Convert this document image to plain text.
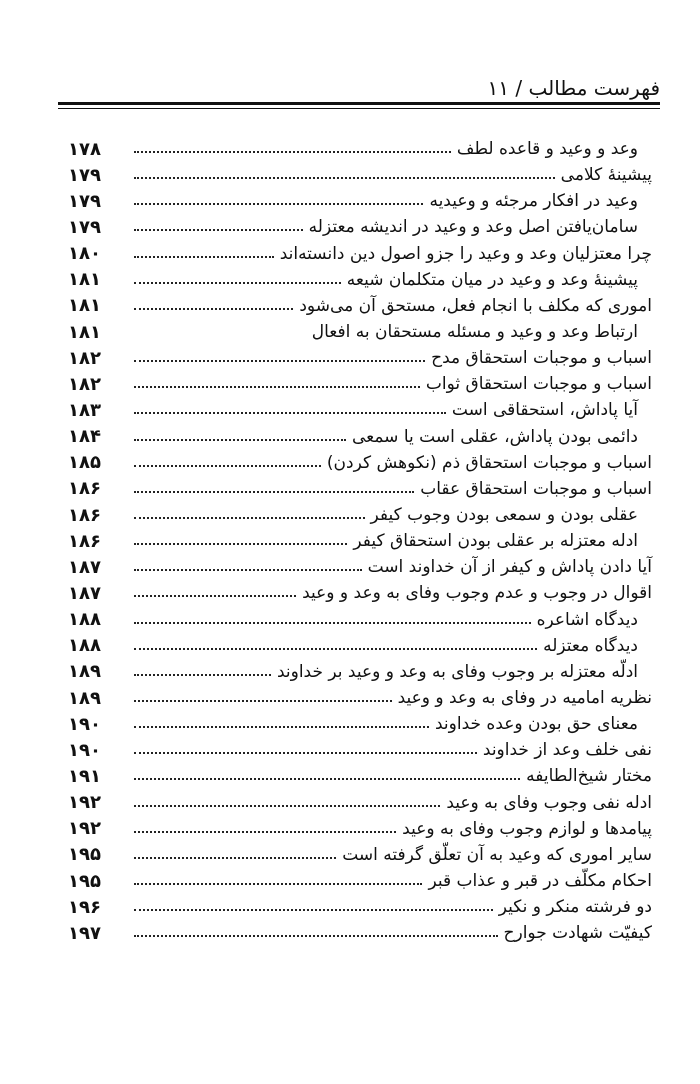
فهرست مطالب / ۱۱
۱۷۸	وعد و وعید و قاعده لطف
۱۷۹	پیشینهٔ کلامی
۱۷۹	وعید در افکار مرجئه و وعیدیه
۱۷۹	سامان‌یافتن اصل وعد و وعید در اندیشه معتزله
۱۸۰	چرا معتزلیان وعد و وعید را جزو اصول دین دانسته‌اند
۱۸۱	پیشینهٔ وعد و وعید در میان متکلمان شیعه
۱۸۱	اموری که مکلف با انجام فعل، مستحق آن می‌شود
۱۸۱	ارتباط وعد و وعید و مسئله مستحقان به افعال
۱۸۲	اسباب و موجبات استحقاق مدح
۱۸۲	اسباب و موجبات استحقاق ثواب
۱۸۳	آیا پاداش، استحقاقی است
۱۸۴	دائمی بودن پاداش، عقلی است یا سمعی
۱۸۵	اسباب و موجبات استحقاق ذم (نکوهش کردن)
۱۸۶	اسباب و موجبات استحقاق عقاب
۱۸۶	عقلی بودن و سمعی بودن وجوب کیفر
۱۸۶	ادله معتزله بر عقلی بودن استحقاق کیفر
۱۸۷	آیا دادن پاداش و کیفر از آن خداوند است
۱۸۷	اقوال در وجوب و عدم وجوب وفای به وعد و وعید
۱۸۸	دیدگاه اشاعره
۱۸۸	دیدگاه معتزله
۱۸۹	ادلّه معتزله بر وجوب وفای به وعد و وعید بر خداوند
۱۸۹	نظریه امامیه در وفای به وعد و وعید
۱۹۰	معنای حق بودن وعده خداوند
۱۹۰	نفی خلف وعد از خداوند
۱۹۱	مختار شیخ‌الطایفه
۱۹۲	ادله نفی وجوب وفای به وعید
۱۹۲	پیامدها و لوازم وجوب وفای به وعید
۱۹۵	سایر اموری که وعید به آن تعلّق گرفته است
۱۹۵	احکام مکلّف در قبر و عذاب قبر
۱۹۶	دو فرشته منکر و نکیر
۱۹۷	کیفیّت شهادت جوارح
